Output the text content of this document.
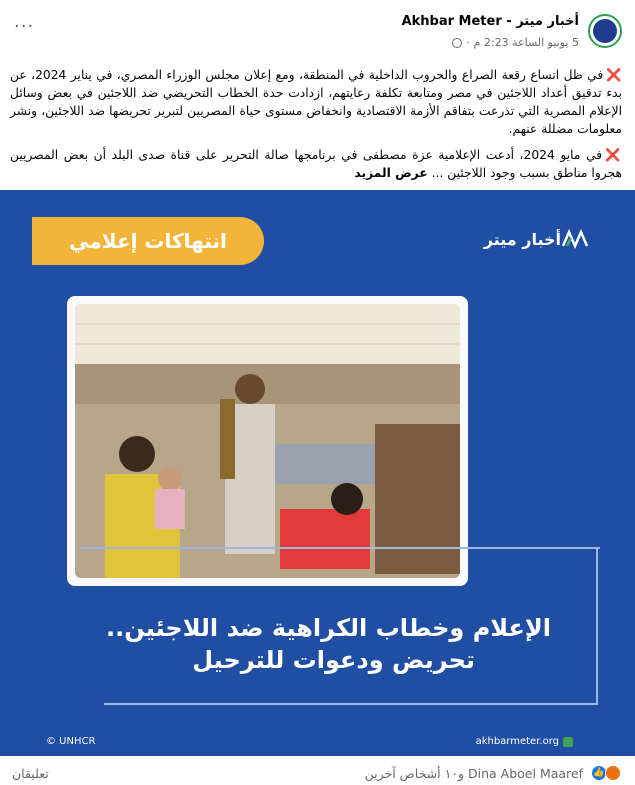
أخبار ميتر - Akhbar Meter
5 يونيو الساعة 2:23 م
·
···

❌في ظل اتساع رقعة الصراع والحروب الداخلية في المنطقة، ومع إعلان مجلس الوزراء المصري، في يناير 2024، عن بدء تدقيق أعداد اللاجئين في مصر ومتابعة تكلفة رعايتهم، ازدادت حدة الخطاب التحريضي ضد اللاجئين في بعض وسائل الإعلام المصرية التي تذرعت بتفاقم الأزمة الاقتصادية وانخفاض مستوى حياة المصريين لتبرير تحريضها ضد اللاجئين، ونشر معلومات مضللة عنهم.

❌في مايو 2024، أدعت الإعلامية عزة مصطفى في برنامجها صالة التحرير على قناة صدى البلد أن بعض المصريين هجروا مناطق بسبب وجود اللاجئين ... عرض المزيد

انتهاكات إعلامي	أخبار ميتر
الإعلام وخطاب الكراهية ضد اللاجئين..
تحريض ودعوات للترحيل
© UNHCR	akhbarmeter.org
👍
Dina Aboel Maaref و١٠ أشخاص آخرين
تعليقان
